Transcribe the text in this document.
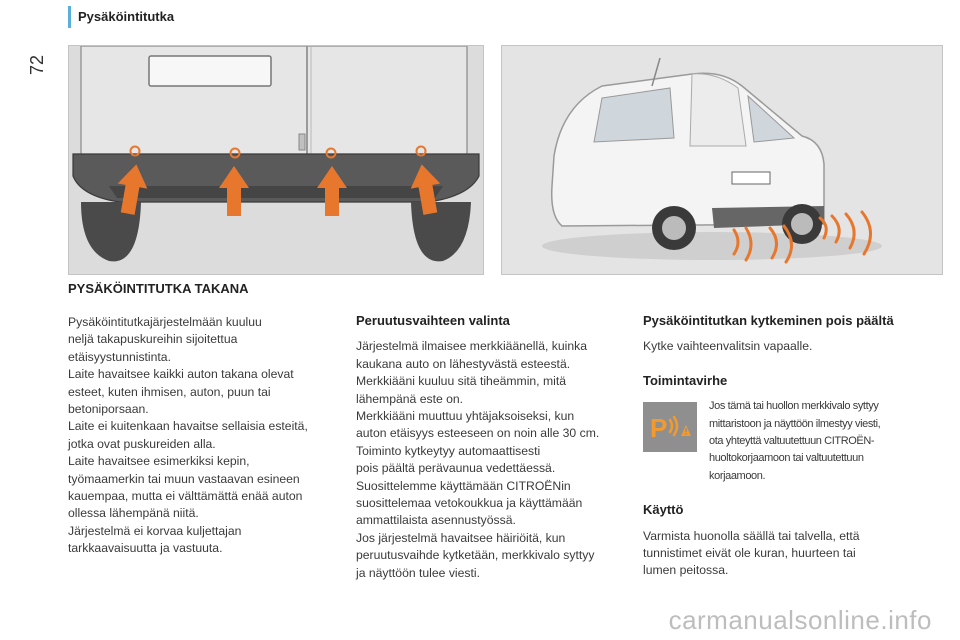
72
Pysäköintitutka
PYSÄKÖINTITUTKA TAKANA

Pysäköintitutkajärjestelmään kuuluu
neljä takapuskureihin sijoitettua
etäisyystunnistinta.
Laite havaitsee kaikki auton takana olevat
esteet, kuten ihmisen, auton, puun tai
betoniporsaan.
Laite ei kuitenkaan havaitse sellaisia esteitä,
jotka ovat puskureiden alla.
Laite havaitsee esimerkiksi kepin,
työmaamerkin tai muun vastaavan esineen
kauempaa, mutta ei välttämättä enää auton
ollessa lähempänä niitä.
Järjestelmä ei korvaa kuljettajan
tarkkaavaisuutta ja vastuuta.

Peruutusvaihteen valinta

Järjestelmä ilmaisee merkkiäänellä, kuinka
kaukana auto on lähestyvästä esteestä.
Merkkiääni kuuluu sitä tiheämmin, mitä
lähempänä este on.
Merkkiääni muuttuu yhtäjaksoiseksi, kun
auton etäisyys esteeseen on noin alle 30 cm.
Toiminto kytkeytyy automaattisesti
pois päältä perävaunua vedettäessä.
Suosittelemme käyttämään CITROËNin
suosittelemaa vetokoukkua ja käyttämään
ammattilaista asennustyössä.
Jos järjestelmä havaitsee häiriöitä, kun
peruutusvaihde kytketään, merkkivalo syttyy
ja näyttöön tulee viesti.

Pysäköintitutkan kytkeminen pois päältä

Kytke vaihteenvalitsin vapaalle.

Toimintavirhe
P
Jos tämä tai huollon merkkivalo syttyy
mittaristoon ja näyttöön ilmestyy viesti,
ota yhteyttä valtuutettuun CITROËN-
huoltokorjaamoon tai valtuutettuun
korjaamoon.
Käyttö

Varmista huonolla säällä tai talvella, että
tunnistimet eivät ole kuran, huurteen tai
lumen peitossa.

carmanualsonline.info
